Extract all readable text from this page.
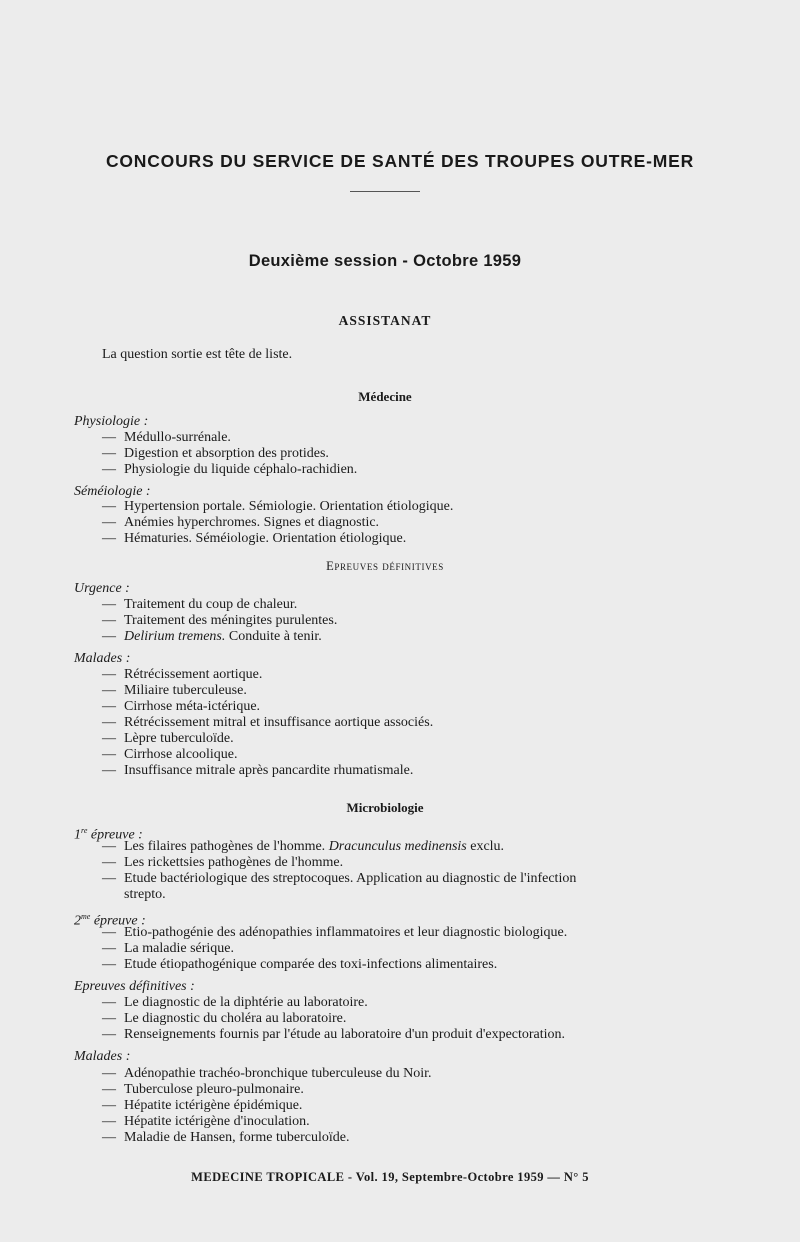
CONCOURS DU SERVICE DE SANTÉ DES TROUPES OUTRE-MER
Deuxième session - Octobre 1959
ASSISTANAT
La question sortie est tête de liste.
Médecine
Physiologie :
— Médullo-surrénale.
— Digestion et absorption des protides.
— Physiologie du liquide céphalo-rachidien.
Séméiologie :
— Hypertension portale. Sémiologie. Orientation étiologique.
— Anémies hyperchromes. Signes et diagnostic.
— Hématuries. Séméiologie. Orientation étiologique.
Epreuves définitives
Urgence :
— Traitement du coup de chaleur.
— Traitement des méningites purulentes.
— Delirium tremens. Conduite à tenir.
Malades :
— Rétrécissement aortique.
— Miliaire tuberculeuse.
— Cirrhose méta-ictérique.
— Rétrécissement mitral et insuffisance aortique associés.
— Lèpre tuberculoïde.
— Cirrhose alcoolique.
— Insuffisance mitrale après pancardite rhumatismale.
Microbiologie
1re épreuve :
— Les filaires pathogènes de l'homme. Dracunculus medinensis exclu.
— Les rickettsies pathogènes de l'homme.
— Etude bactériologique des streptocoques. Application au diagnostic de l'infection
strepto.
$2^{me}$ épreuve :
— Etio-pathogénie des adénopathies inflammatoires et leur diagnostic biologique.
— La maladie sérique.
— Etude étiopathogénique comparée des toxi-infections alimentaires.
Epreuves définitives :
— Le diagnostic de la diphtérie au laboratoire.
— Le diagnostic du choléra au laboratoire.
— Renseignements fournis par l'étude au laboratoire d'un produit d'expectoration.
Malades :
— Adénopathie trachéo-bronchique tuberculeuse du Noir.
— Tuberculose pleuro-pulmonaire.
— Hépatite ictérigène épidémique.
— Hépatite ictérigène d'inoculation.
— Maladie de Hansen, forme tuberculoïde.
MEDECINE TROPICALE - Vol. 19, Septembre-Octobre 1959 — N° 5
